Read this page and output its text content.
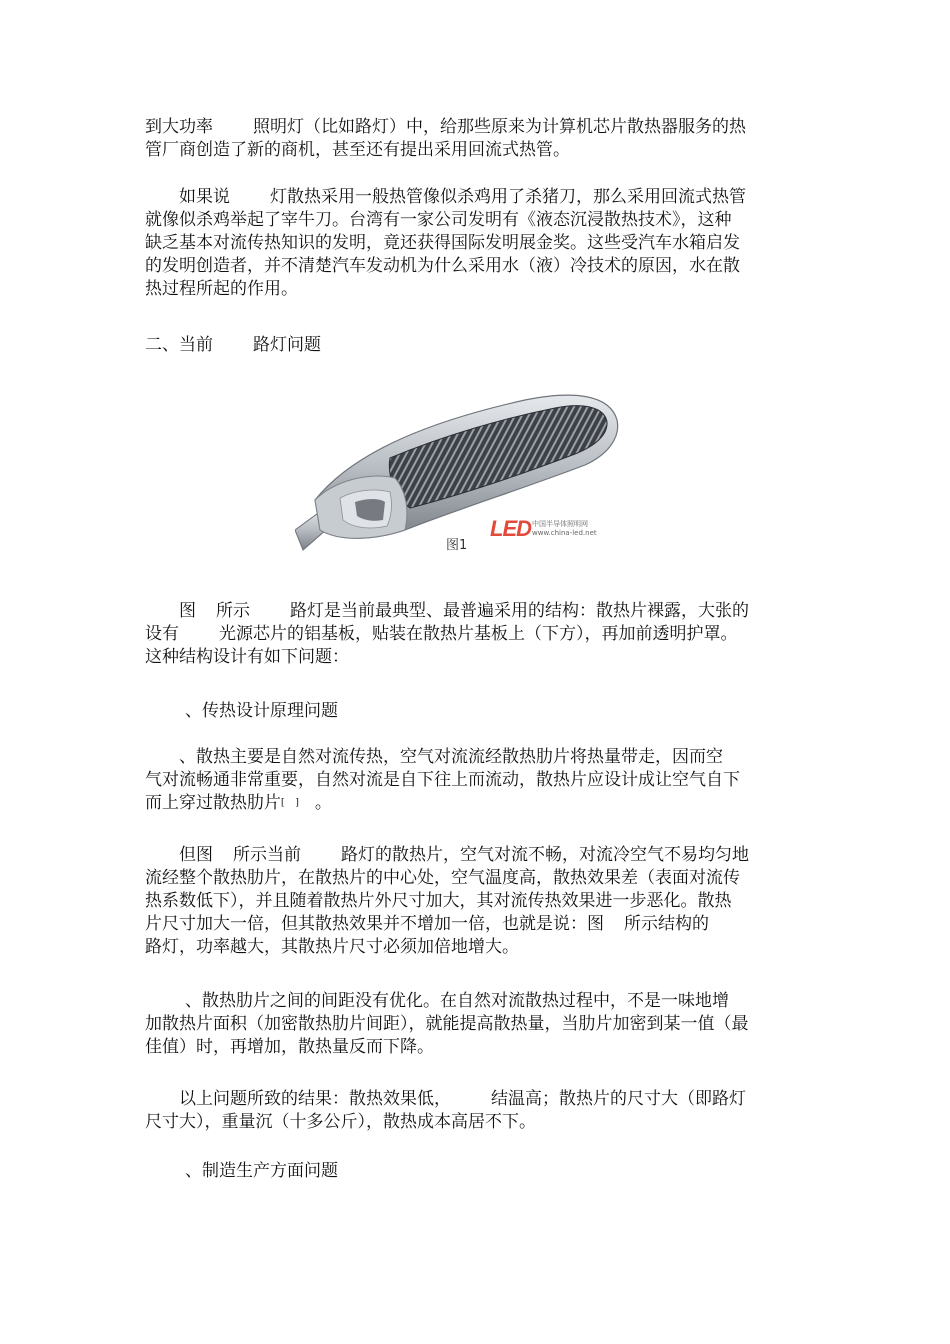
到大功率 照明灯（比如路灯）中，给那些原来为计算机芯片散热器服务的热
管厂商创造了新的商机，甚至还有提出采用回流式热管。
如果说 灯散热采用一般热管像似杀鸡用了杀猪刀，那么采用回流式热管
就像似杀鸡举起了宰牛刀。台湾有一家公司发明有《液态沉浸散热技术》，这种
缺乏基本对流传热知识的发明，竟还获得国际发明展金奖。这些受汽车水箱启发
的发明创造者，并不清楚汽车发动机为什么采用水（液）冷技术的原因，水在散
热过程所起的作用。
二、当前 路灯问题
图1
LED 中国半导体照明网
www.china-led.net
图 所示 路灯是当前最典型、最普遍采用的结构：散热片裸露，大张的
设有 光源芯片的铝基板，贴装在散热片基板上（下方），再加前透明护罩。
这种结构设计有如下问题：
、传热设计原理问题
、散热主要是自然对流传热，空气对流流经散热肋片将热量带走，因而空
气对流畅通非常重要，自然对流是自下往上而流动，散热片应设计成让空气自下
而上穿过散热肋片[ ] 。
但图 所示当前 路灯的散热片，空气对流不畅，对流冷空气不易均匀地
流经整个散热肋片，在散热片的中心处，空气温度高，散热效果差（表面对流传
热系数低下），并且随着散热片外尺寸加大，其对流传热效果进一步恶化。散热
片尺寸加大一倍，但其散热效果并不增加一倍，也就是说：图 所示结构的
路灯，功率越大，其散热片尺寸必须加倍地增大。
、散热肋片之间的间距没有优化。在自然对流散热过程中，不是一味地增
加散热片面积（加密散热肋片间距），就能提高散热量，当肋片加密到某一值（最
佳值）时，再增加，散热量反而下降。
以上问题所致的结果：散热效果低， 结温高；散热片的尺寸大（即路灯
尺寸大），重量沉（十多公斤），散热成本高居不下。
、制造生产方面问题
